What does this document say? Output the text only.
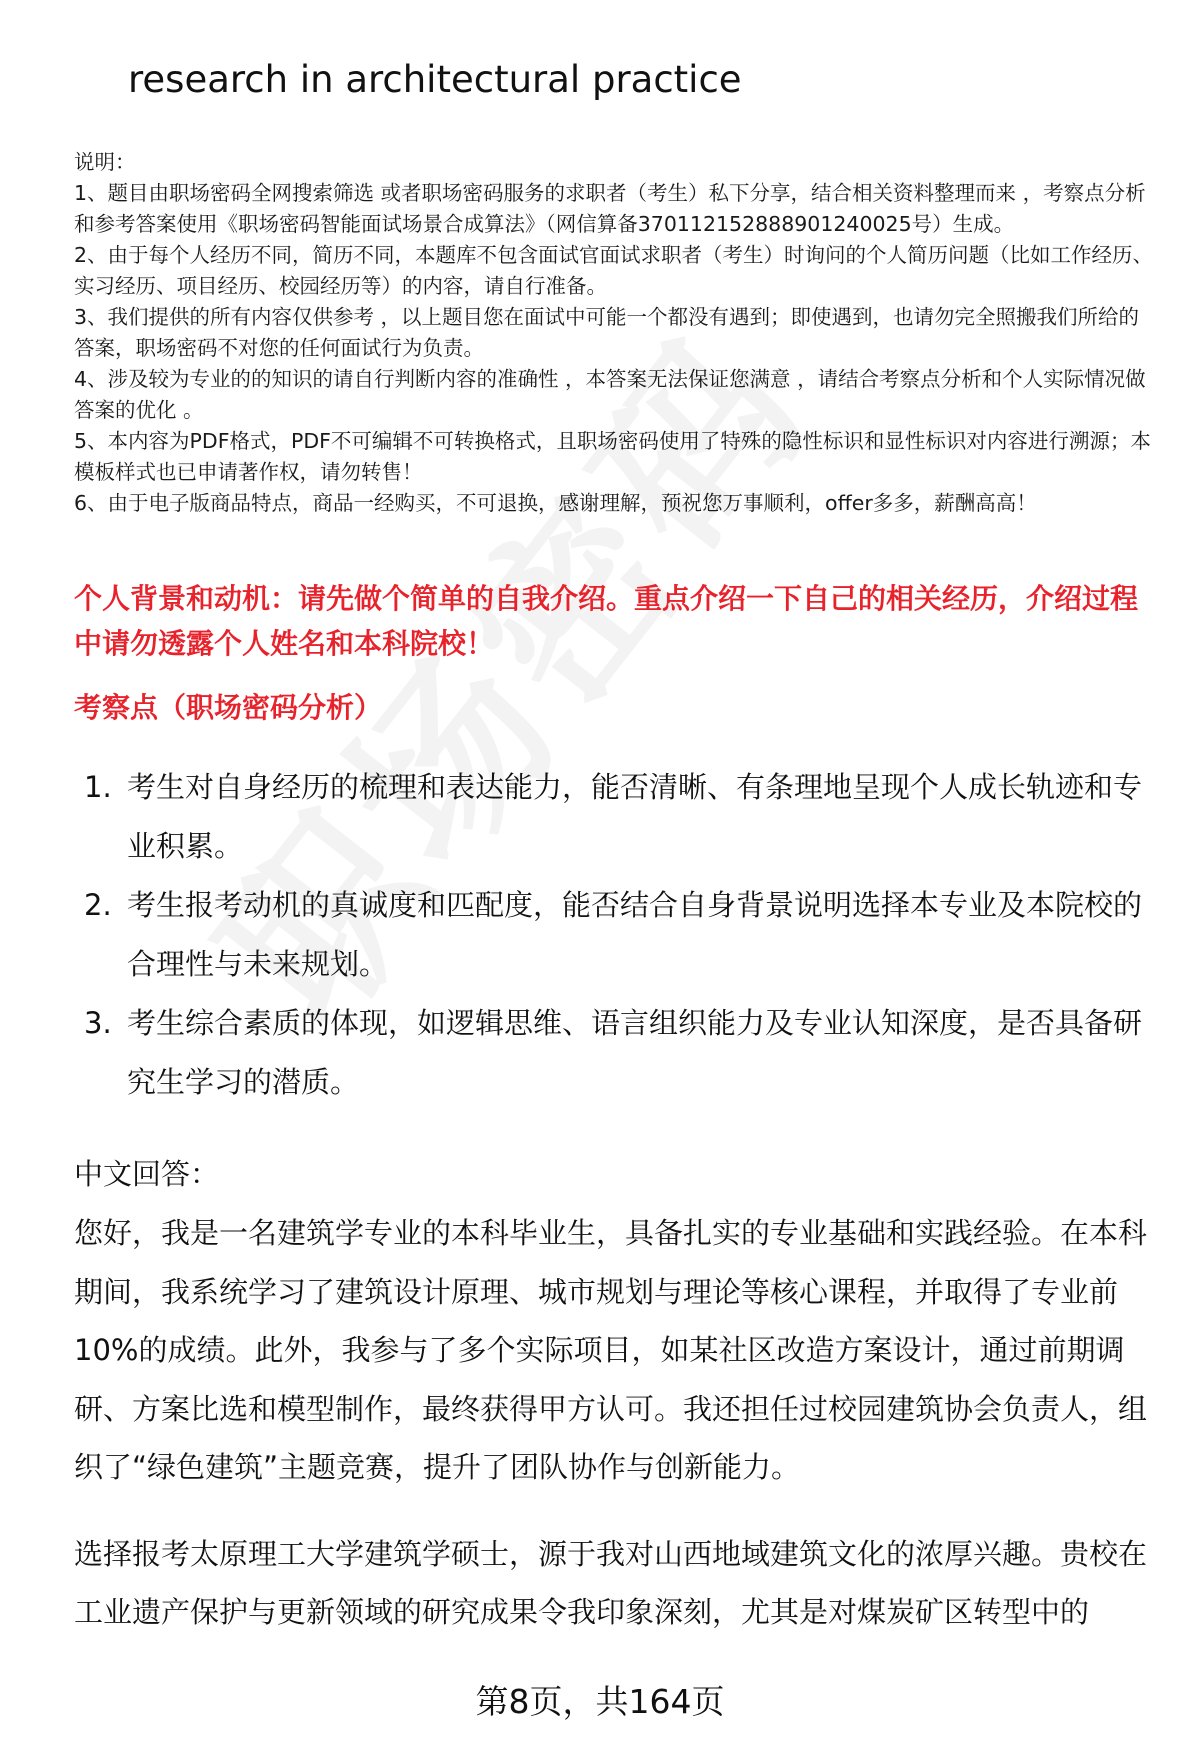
research in architectural practice

说明：

1、题目由职场密码全网搜索筛选 或者职场密码服务的求职者（考生）私下分享，结合相关资料整理而来 ，考察点分析和参考答案使用《职场密码智能面试场景合成算法》（网信算备370112152888901240025号）生成。

2、由于每个人经历不同，简历不同，本题库不包含面试官面试求职者（考生）时询问的个人简历问题（比如工作经历、实习经历、项目经历、校园经历等）的内容，请自行准备。

3、我们提供的所有内容仅供参考 ，以上题目您在面试中可能一个都没有遇到；即使遇到，也请勿完全照搬我们所给的答案，职场密码不对您的任何面试行为负责。

4、涉及较为专业的的知识的请自行判断内容的准确性 ，本答案无法保证您满意 ，请结合考察点分析和个人实际情况做答案的优化 。

5、本内容为PDF格式，PDF不可编辑不可转换格式，且职场密码使用了特殊的隐性标识和显性标识对内容进行溯源；本模板样式也已申请著作权，请勿转售！

6、由于电子版商品特点，商品一经购买，不可退换，感谢理解，预祝您万事顺利，offer多多，薪酬高高！

个人背景和动机：请先做个简单的自我介绍。重点介绍一下自己的相关经历，介绍过程中请勿透露个人姓名和本科院校！
考察点（职场密码分析）
1. 考生对自身经历的梳理和表达能力，能否清晰、有条理地呈现个人成长轨迹和专业积累。
2. 考生报考动机的真诚度和匹配度，能否结合自身背景说明选择本专业及本院校的合理性与未来规划。
3. 考生综合素质的体现，如逻辑思维、语言组织能力及专业认知深度，是否具备研究生学习的潜质。
中文回答：

您好，我是一名建筑学专业的本科毕业生，具备扎实的专业基础和实践经验。在本科期间，我系统学习了建筑设计原理、城市规划与理论等核心课程，并取得了专业前10%的成绩。此外，我参与了多个实际项目，如某社区改造方案设计，通过前期调研、方案比选和模型制作，最终获得甲方认可。我还担任过校园建筑协会负责人，组织了“绿色建筑”主题竞赛，提升了团队协作与创新能力。

选择报考太原理工大学建筑学硕士，源于我对山西地域建筑文化的浓厚兴趣。贵校在工业遗产保护与更新领域的研究成果令我印象深刻，尤其是对煤炭矿区转型中的

第8页，共164页
